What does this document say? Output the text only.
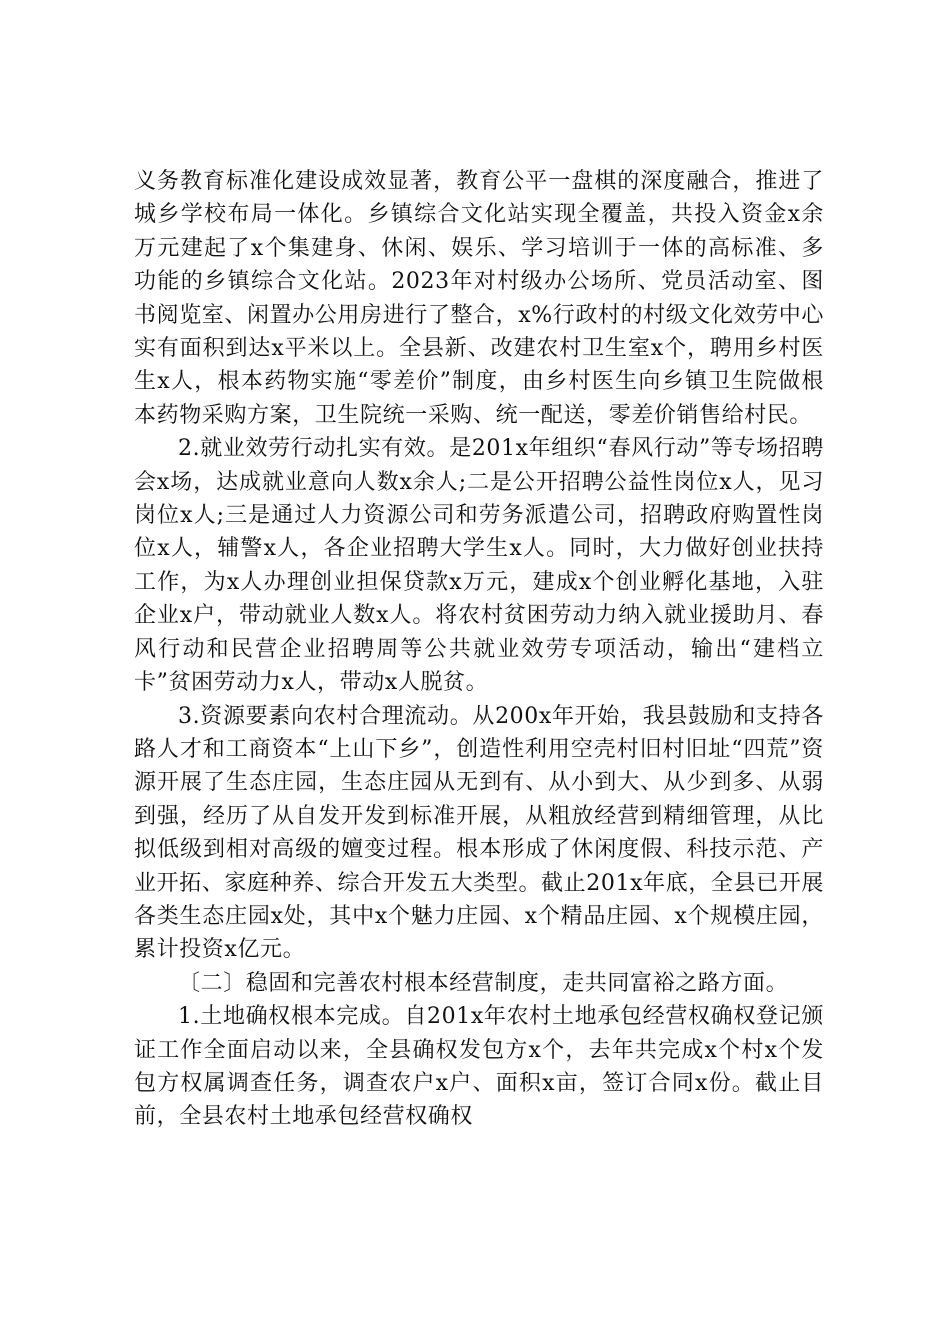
义务教育标准化建设成效显著，教育公平一盘棋的深度融合，推进了城乡学校布局一体化。乡镇综合文化站实现全覆盖，共投入资金x余万元建起了x个集建身、休闲、娱乐、学习培训于一体的高标准、多功能的乡镇综合文化站。2023年对村级办公场所、党员活动室、图书阅览室、闲置办公用房进行了整合，x%行政村的村级文化效劳中心实有面积到达x平米以上。全县新、改建农村卫生室x个，聘用乡村医生x人，根本药物实施“零差价”制度，由乡村医生向乡镇卫生院做根本药物采购方案，卫生院统一采购、统一配送，零差价销售给村民。

2.就业效劳行动扎实有效。是201x年组织“春风行动”等专场招聘会x场，达成就业意向人数x余人;二是公开招聘公益性岗位x人，见习岗位x人;三是通过人力资源公司和劳务派遣公司，招聘政府购置性岗位x人，辅警x人，各企业招聘大学生x人。同时，大力做好创业扶持工作，为x人办理创业担保贷款x万元，建成x个创业孵化基地，入驻企业x户，带动就业人数x人。将农村贫困劳动力纳入就业援助月、春风行动和民营企业招聘周等公共就业效劳专项活动，输出“建档立卡”贫困劳动力x人，带动x人脱贫。

3.资源要素向农村合理流动。从200x年开始，我县鼓励和支持各路人才和工商资本“上山下乡”，创造性利用空壳村旧村旧址“四荒”资源开展了生态庄园，生态庄园从无到有、从小到大、从少到多、从弱到强，经历了从自发开发到标准开展，从粗放经营到精细管理，从比拟低级到相对高级的嬗变过程。根本形成了休闲度假、科技示范、产业开拓、家庭种养、综合开发五大类型。截止201x年底，全县已开展各类生态庄园x处，其中x个魅力庄园、x个精品庄园、x个规模庄园，累计投资x亿元。

〔二〕稳固和完善农村根本经营制度，走共同富裕之路方面。

1.土地确权根本完成。自201x年农村土地承包经营权确权登记颁证工作全面启动以来，全县确权发包方x个，去年共完成x个村x个发包方权属调查任务，调查农户x户、面积x亩，签订合同x份。截止目前，全县农村土地承包经营权确权
